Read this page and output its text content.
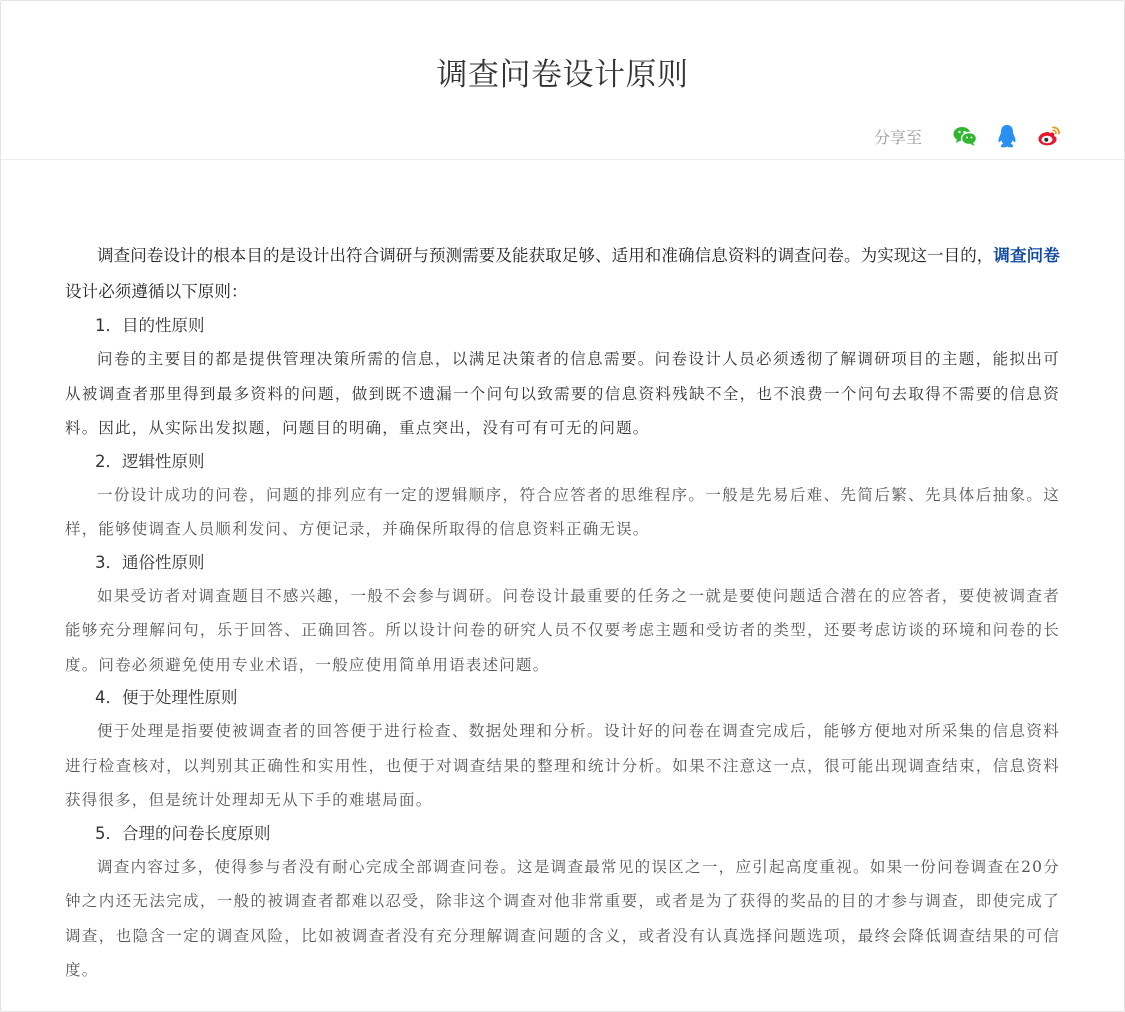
调查问卷设计原则
分享至

调查问卷设计的根本目的是设计出符合调研与预测需要及能获取足够、适用和准确信息资料的调查问卷。为实现这一目的，调查问卷设计必须遵循以下原则：

1．目的性原则

问卷的主要目的都是提供管理决策所需的信息，以满足决策者的信息需要。问卷设计人员必须透彻了解调研项目的主题，能拟出可从被调查者那里得到最多资料的问题，做到既不遗漏一个问句以致需要的信息资料残缺不全，也不浪费一个问句去取得不需要的信息资料。因此，从实际出发拟题，问题目的明确，重点突出，没有可有可无的问题。

2．逻辑性原则

一份设计成功的问卷，问题的排列应有一定的逻辑顺序，符合应答者的思维程序。一般是先易后难、先简后繁、先具体后抽象。这样，能够使调查人员顺利发问、方便记录，并确保所取得的信息资料正确无误。

3．通俗性原则

如果受访者对调查题目不感兴趣，一般不会参与调研。问卷设计最重要的任务之一就是要使问题适合潜在的应答者，要使被调查者能够充分理解问句，乐于回答、正确回答。所以设计问卷的研究人员不仅要考虑主题和受访者的类型，还要考虑访谈的环境和问卷的长度。问卷必须避免使用专业术语，一般应使用简单用语表述问题。

4．便于处理性原则

便于处理是指要使被调查者的回答便于进行检查、数据处理和分析。设计好的问卷在调查完成后，能够方便地对所采集的信息资料进行检查核对，以判别其正确性和实用性，也便于对调查结果的整理和统计分析。如果不注意这一点，很可能出现调查结束，信息资料获得很多，但是统计处理却无从下手的难堪局面。

5．合理的问卷长度原则

调查内容过多，使得参与者没有耐心完成全部调查问卷。这是调查最常见的误区之一，应引起高度重视。如果一份问卷调查在20分钟之内还无法完成，一般的被调查者都难以忍受，除非这个调查对他非常重要，或者是为了获得的奖品的目的才参与调查，即使完成了调查，也隐含一定的调查风险，比如被调查者没有充分理解调查问题的含义，或者没有认真选择问题选项，最终会降低调查结果的可信度。
